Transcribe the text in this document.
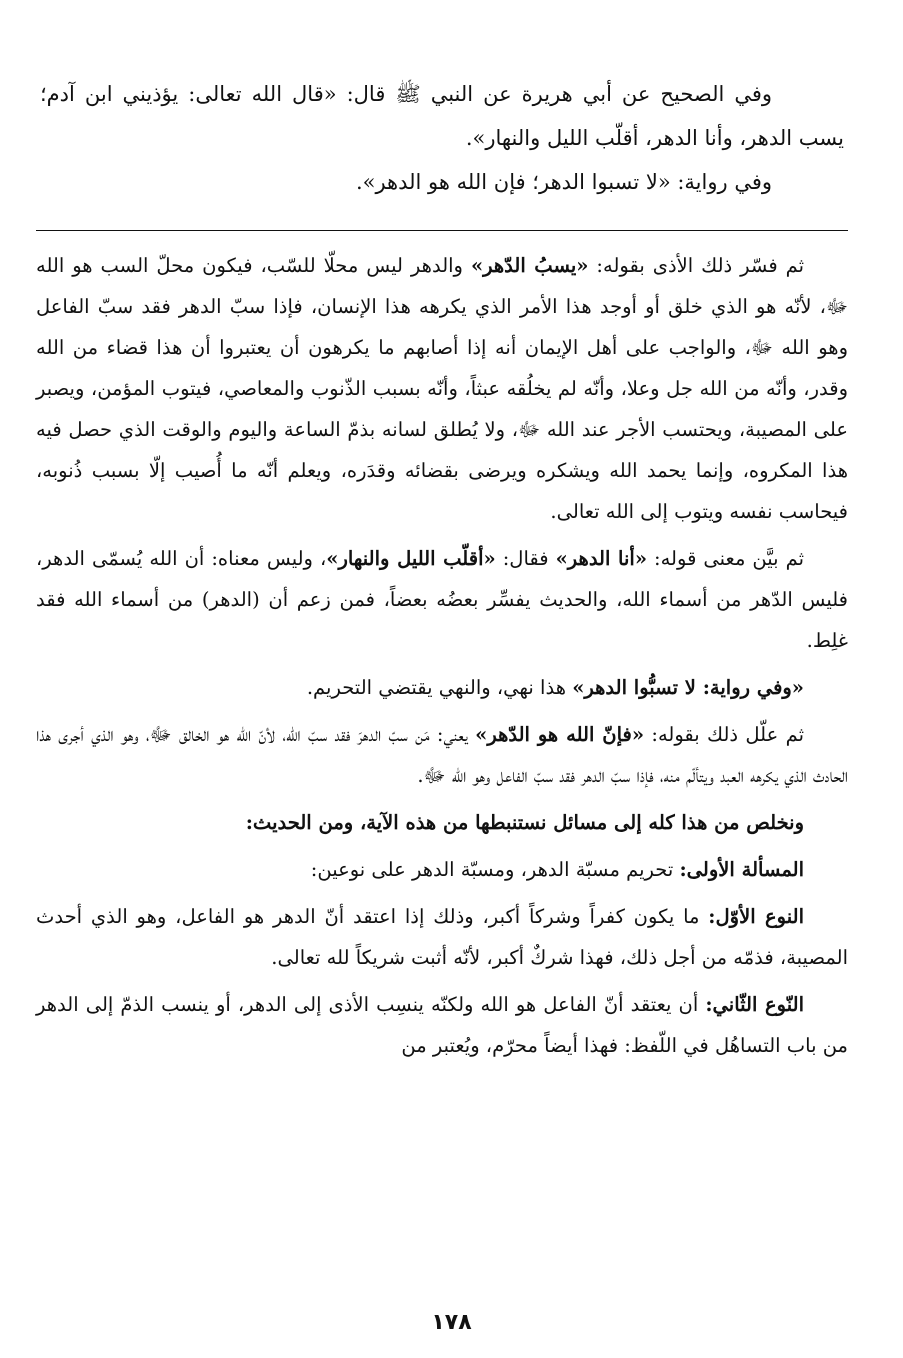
وفي الصحيح عن أبي هريرة عن النبي ﷺ قال: «قال الله تعالى: يؤذيني ابن آدم؛ يسب الدهر، وأنا الدهر، أقلّب الليل والنهار».

وفي رواية: «لا تسبوا الدهر؛ فإن الله هو الدهر».

ثم فسّر ذلك الأذى بقوله: «يسبُ الدّهر» والدهر ليس محلّا للسّب، فيكون محلّ السب هو الله ﷻ، لأنّه هو الذي خلق أو أوجد هذا الأمر الذي يكرهه هذا الإنسان، فإذا سبّ الدهر فقد سبّ الفاعل وهو الله ﷻ، والواجب على أهل الإيمان أنه إذا أصابهم ما يكرهون أن يعتبروا أن هذا قضاء من الله وقدر، وأنّه من الله جل وعلا، وأنّه لم يخلُقه عبثاً، وأنّه بسبب الذّنوب والمعاصي، فيتوب المؤمن، ويصبر على المصيبة، ويحتسب الأجر عند الله ﷻ، ولا يُطلق لسانه بذمّ الساعة واليوم والوقت الذي حصل فيه هذا المكروه، وإنما يحمد الله ويشكره ويرضى بقضائه وقدَره، ويعلم أنّه ما أُصيب إلّا بسبب ذُنوبه، فيحاسب نفسه ويتوب إلى الله تعالى.

ثم بيَّن معنى قوله: «أنا الدهر» فقال: «أقلّب الليل والنهار»، وليس معناه: أن الله يُسمّى الدهر، فليس الدّهر من أسماء الله، والحديث يفسِّر بعضُه بعضاً، فمن زعم أن (الدهر) من أسماء الله فقد غلِط.

«وفي رواية: لا تسبُّوا الدهر» هذا نهي، والنهي يقتضي التحريم.

ثم علّل ذلك بقوله: «فإنّ الله هو الدّهر» يعني: مَن سبّ الدهرَ فقد سبّ الله، لأنّ الله هو الخالق ﷻ، وهو الذي أجرى هذا الحادث الذي يكرهه العبد ويتألّم منه، فإذا سبّ الدهر فقد سبّ الفاعل وهو الله ﷻ.

ونخلص من هذا كله إلى مسائل نستنبطها من هذه الآية، ومن الحديث:

المسألة الأولى: تحريم مسبّة الدهر، ومسبّة الدهر على نوعين:

النوع الأوّل: ما يكون كفراً وشركاً أكبر، وذلك إذا اعتقد أنّ الدهر هو الفاعل، وهو الذي أحدث المصيبة، فذمّه من أجل ذلك، فهذا شركٌ أكبر، لأنّه أثبت شريكاً لله تعالى.

النّوع الثّاني: أن يعتقد أنّ الفاعل هو الله ولكنّه ينسِب الأذى إلى الدهر، أو ينسب الذمّ إلى الدهر من باب التساهُل في اللّفظ: فهذا أيضاً محرّم، ويُعتبر من

١٧٨
